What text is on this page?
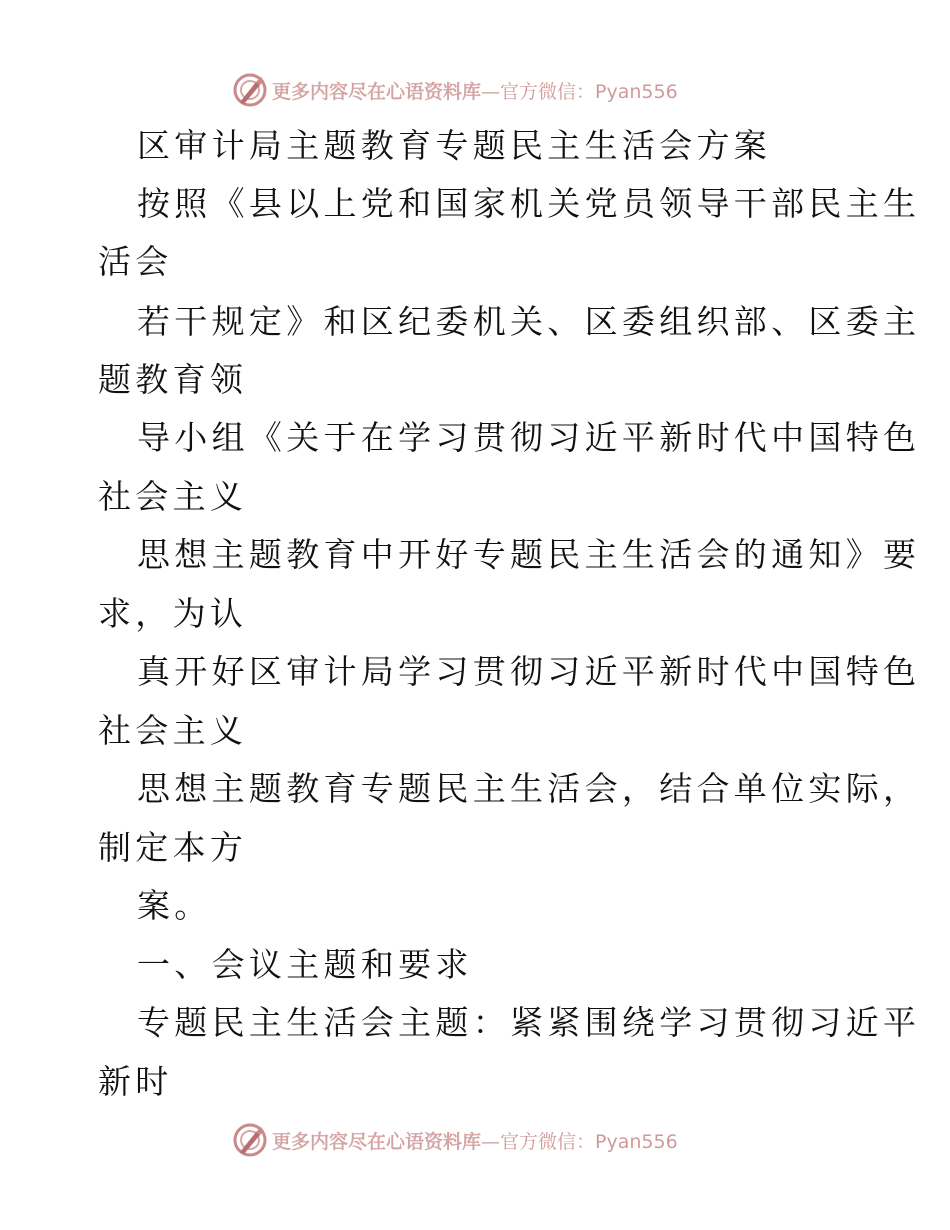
更多内容尽在心语资料库—官方微信：Pyan556
区审计局主题教育专题民主生活会方案
按照《县以上党和国家机关党员领导干部民主生
活会
若干规定》和区纪委机关、区委组织部、区委主
题教育领
导小组《关于在学习贯彻习近平新时代中国特色
社会主义
思想主题教育中开好专题民主生活会的通知》要
求，为认
真开好区审计局学习贯彻习近平新时代中国特色
社会主义
思想主题教育专题民主生活会，结合单位实际，
制定本方
案。
一、会议主题和要求
专题民主生活会主题：紧紧围绕学习贯彻习近平
新时
更多内容尽在心语资料库—官方微信：Pyan556
